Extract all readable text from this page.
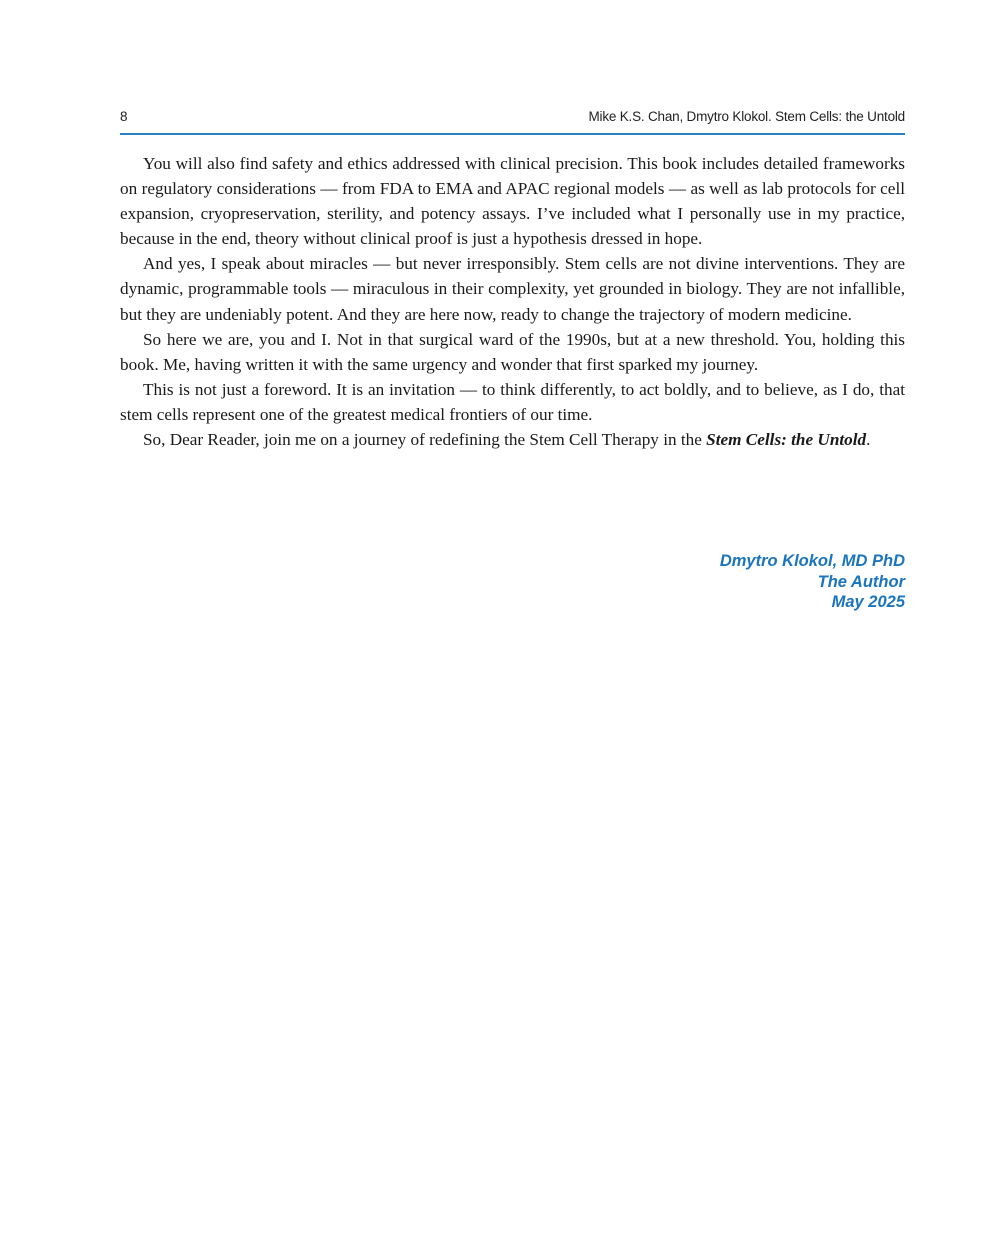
8	Mike K.S. Chan, Dmytro Klokol. Stem Cells: the Untold

You will also find safety and ethics addressed with clinical precision. This book includes detailed frameworks on regulatory considerations — from FDA to EMA and APAC regional models — as well as lab protocols for cell expansion, cryopreservation, sterility, and potency assays. I’ve included what I personally use in my practice, because in the end, theory without clinical proof is just a hypothesis dressed in hope.

And yes, I speak about miracles — but never irresponsibly. Stem cells are not divine interventions. They are dynamic, programmable tools — miraculous in their complexity, yet grounded in biology. They are not infallible, but they are undeniably potent. And they are here now, ready to change the trajectory of modern medicine.

So here we are, you and I. Not in that surgical ward of the 1990s, but at a new threshold. You, holding this book. Me, having written it with the same urgency and wonder that first sparked my journey.

This is not just a foreword. It is an invitation — to think differently, to act boldly, and to believe, as I do, that stem cells represent one of the greatest medical frontiers of our time.

So, Dear Reader, join me on a journey of redefining the Stem Cell Therapy in the Stem Cells: the Untold.

Dmytro Klokol, MD PhD
The Author
May 2025
